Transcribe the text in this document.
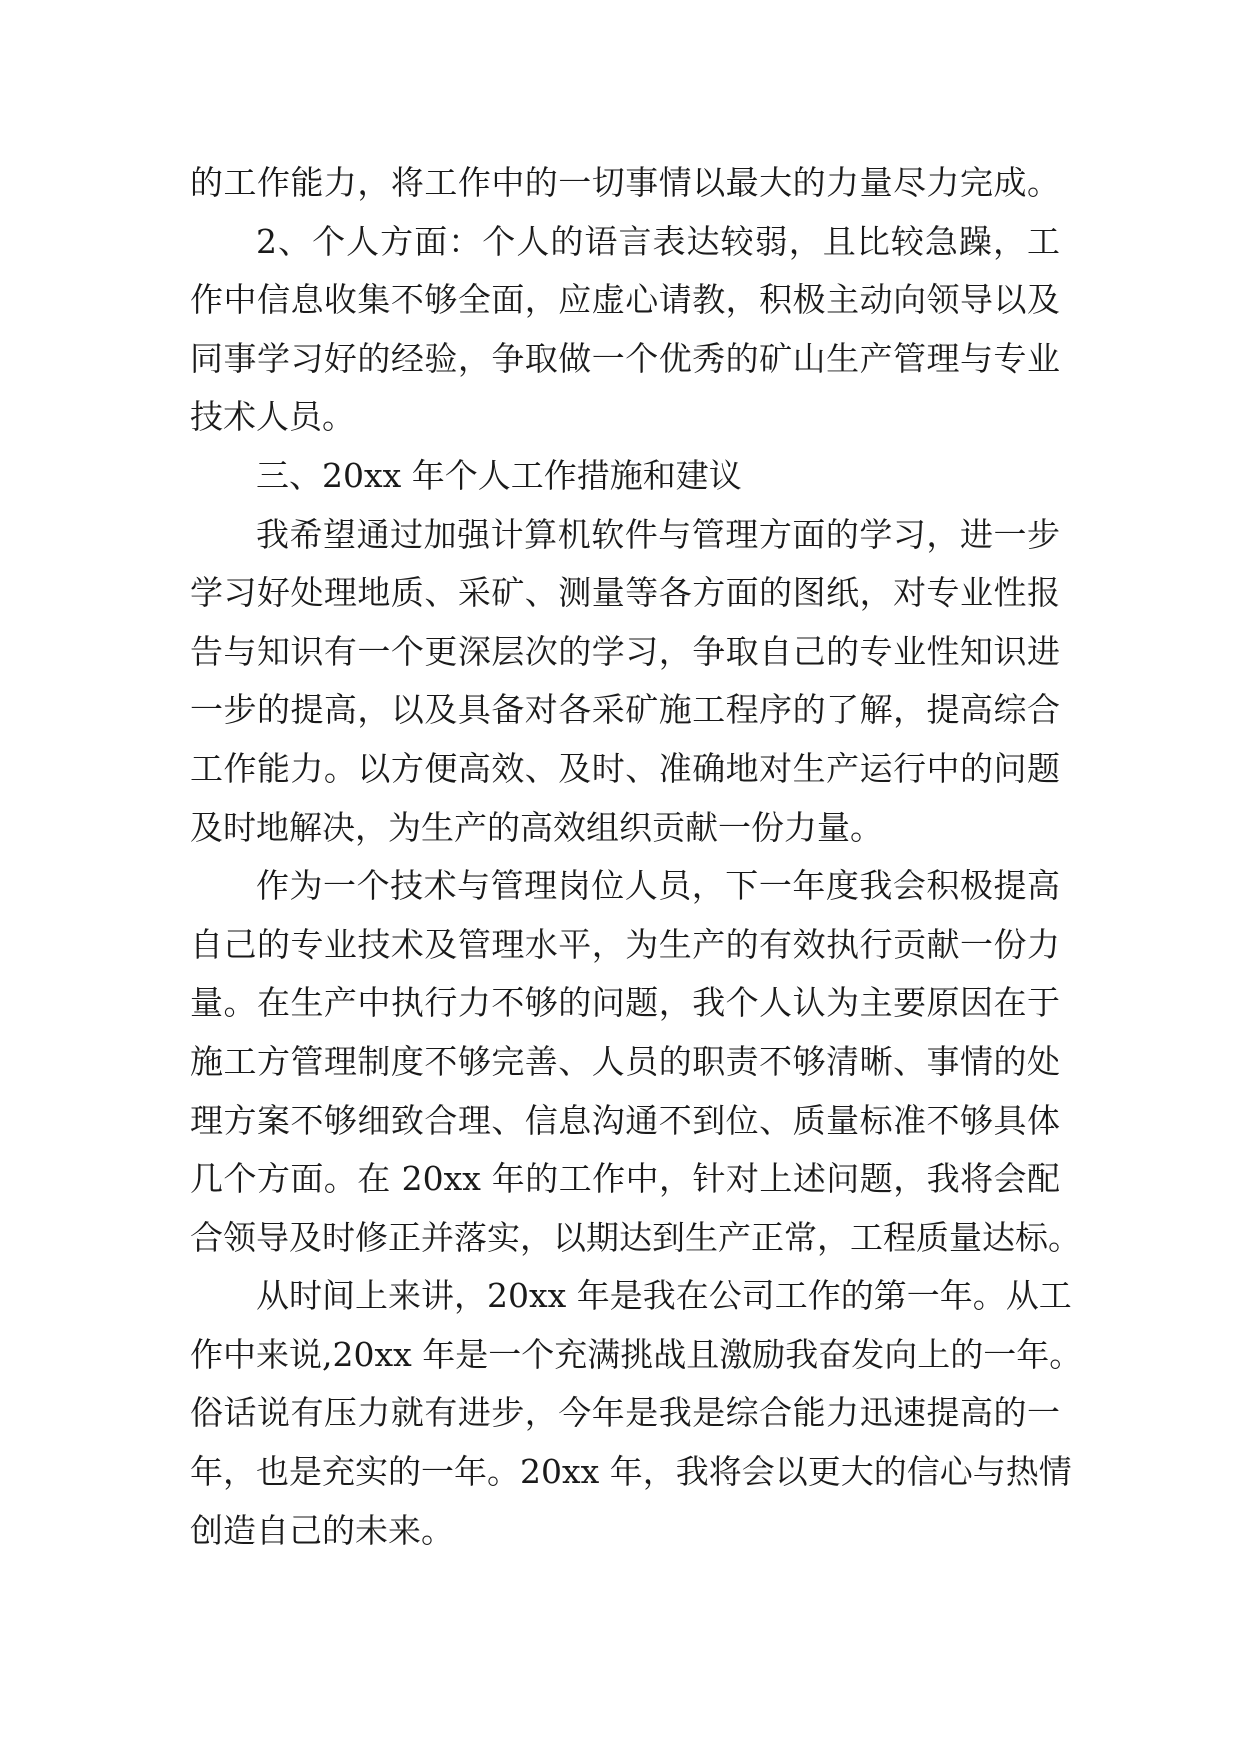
的工作能力，将工作中的一切事情以最大的力量尽力完成。
2、个人方面：个人的语言表达较弱，且比较急躁，工
作中信息收集不够全面，应虚心请教，积极主动向领导以及
同事学习好的经验，争取做一个优秀的矿山生产管理与专业
技术人员。
三、20xx 年个人工作措施和建议
我希望通过加强计算机软件与管理方面的学习，进一步
学习好处理地质、采矿、测量等各方面的图纸，对专业性报
告与知识有一个更深层次的学习，争取自己的专业性知识进
一步的提高，以及具备对各采矿施工程序的了解，提高综合
工作能力。以方便高效、及时、准确地对生产运行中的问题
及时地解决，为生产的高效组织贡献一份力量。
作为一个技术与管理岗位人员，下一年度我会积极提高
自己的专业技术及管理水平，为生产的有效执行贡献一份力
量。在生产中执行力不够的问题，我个人认为主要原因在于
施工方管理制度不够完善、人员的职责不够清晰、事情的处
理方案不够细致合理、信息沟通不到位、质量标准不够具体
几个方面。在 20xx 年的工作中，针对上述问题，我将会配
合领导及时修正并落实，以期达到生产正常，工程质量达标。
从时间上来讲，20xx 年是我在公司工作的第一年。从工
作中来说,20xx 年是一个充满挑战且激励我奋发向上的一年。
俗话说有压力就有进步，今年是我是综合能力迅速提高的一
年，也是充实的一年。20xx 年，我将会以更大的信心与热情
创造自己的未来。
